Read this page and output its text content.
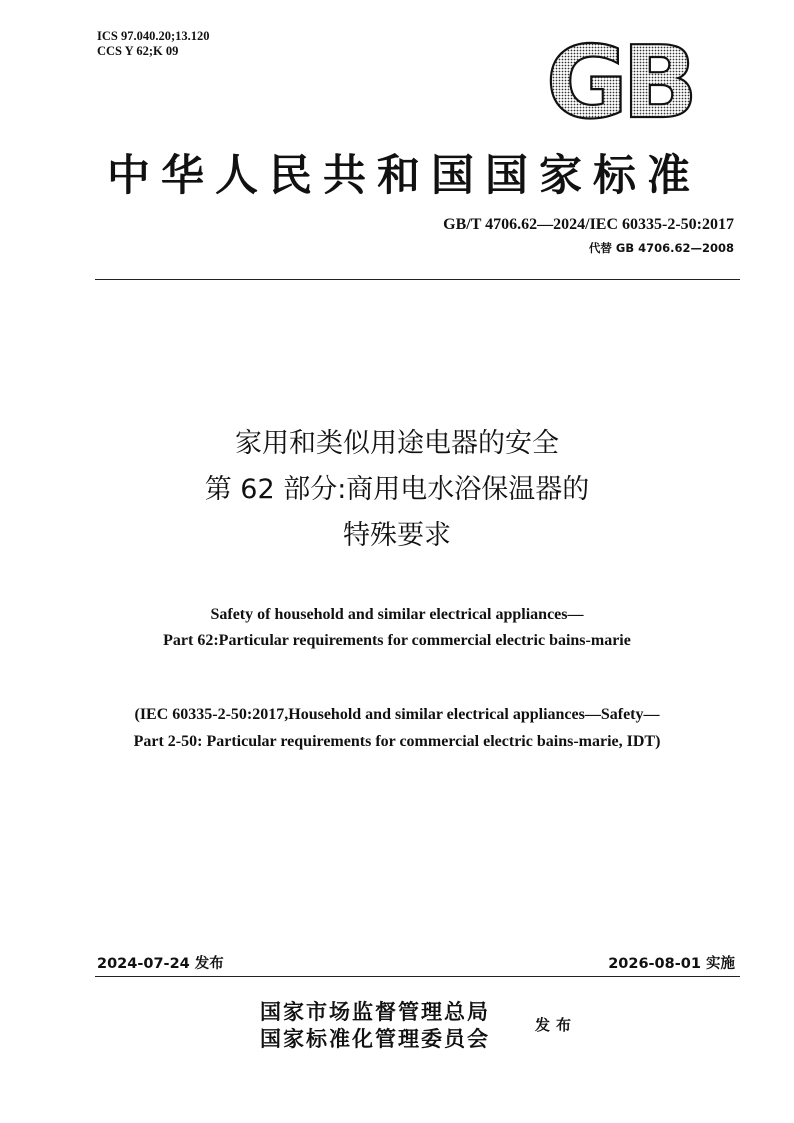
ICS 97.040.20;13.120
CCS Y 62;K 09	GB
中华人民共和国国家标准
GB/T 4706.62—2024/IEC 60335-2-50:2017
代替 GB 4706.62—2008
家用和类似用途电器的安全
第 62 部分:商用电水浴保温器的
特殊要求
Safety of household and similar electrical appliances—
Part 62:Particular requirements for commercial electric bains-marie
(IEC 60335-2-50:2017,Household and similar electrical appliances—Safety—
Part 2-50: Particular requirements for commercial electric bains-marie, IDT)
2024-07-24 发布	2026-08-01 实施
国家市场监督管理总局
国家标准化管理委员会
发布
